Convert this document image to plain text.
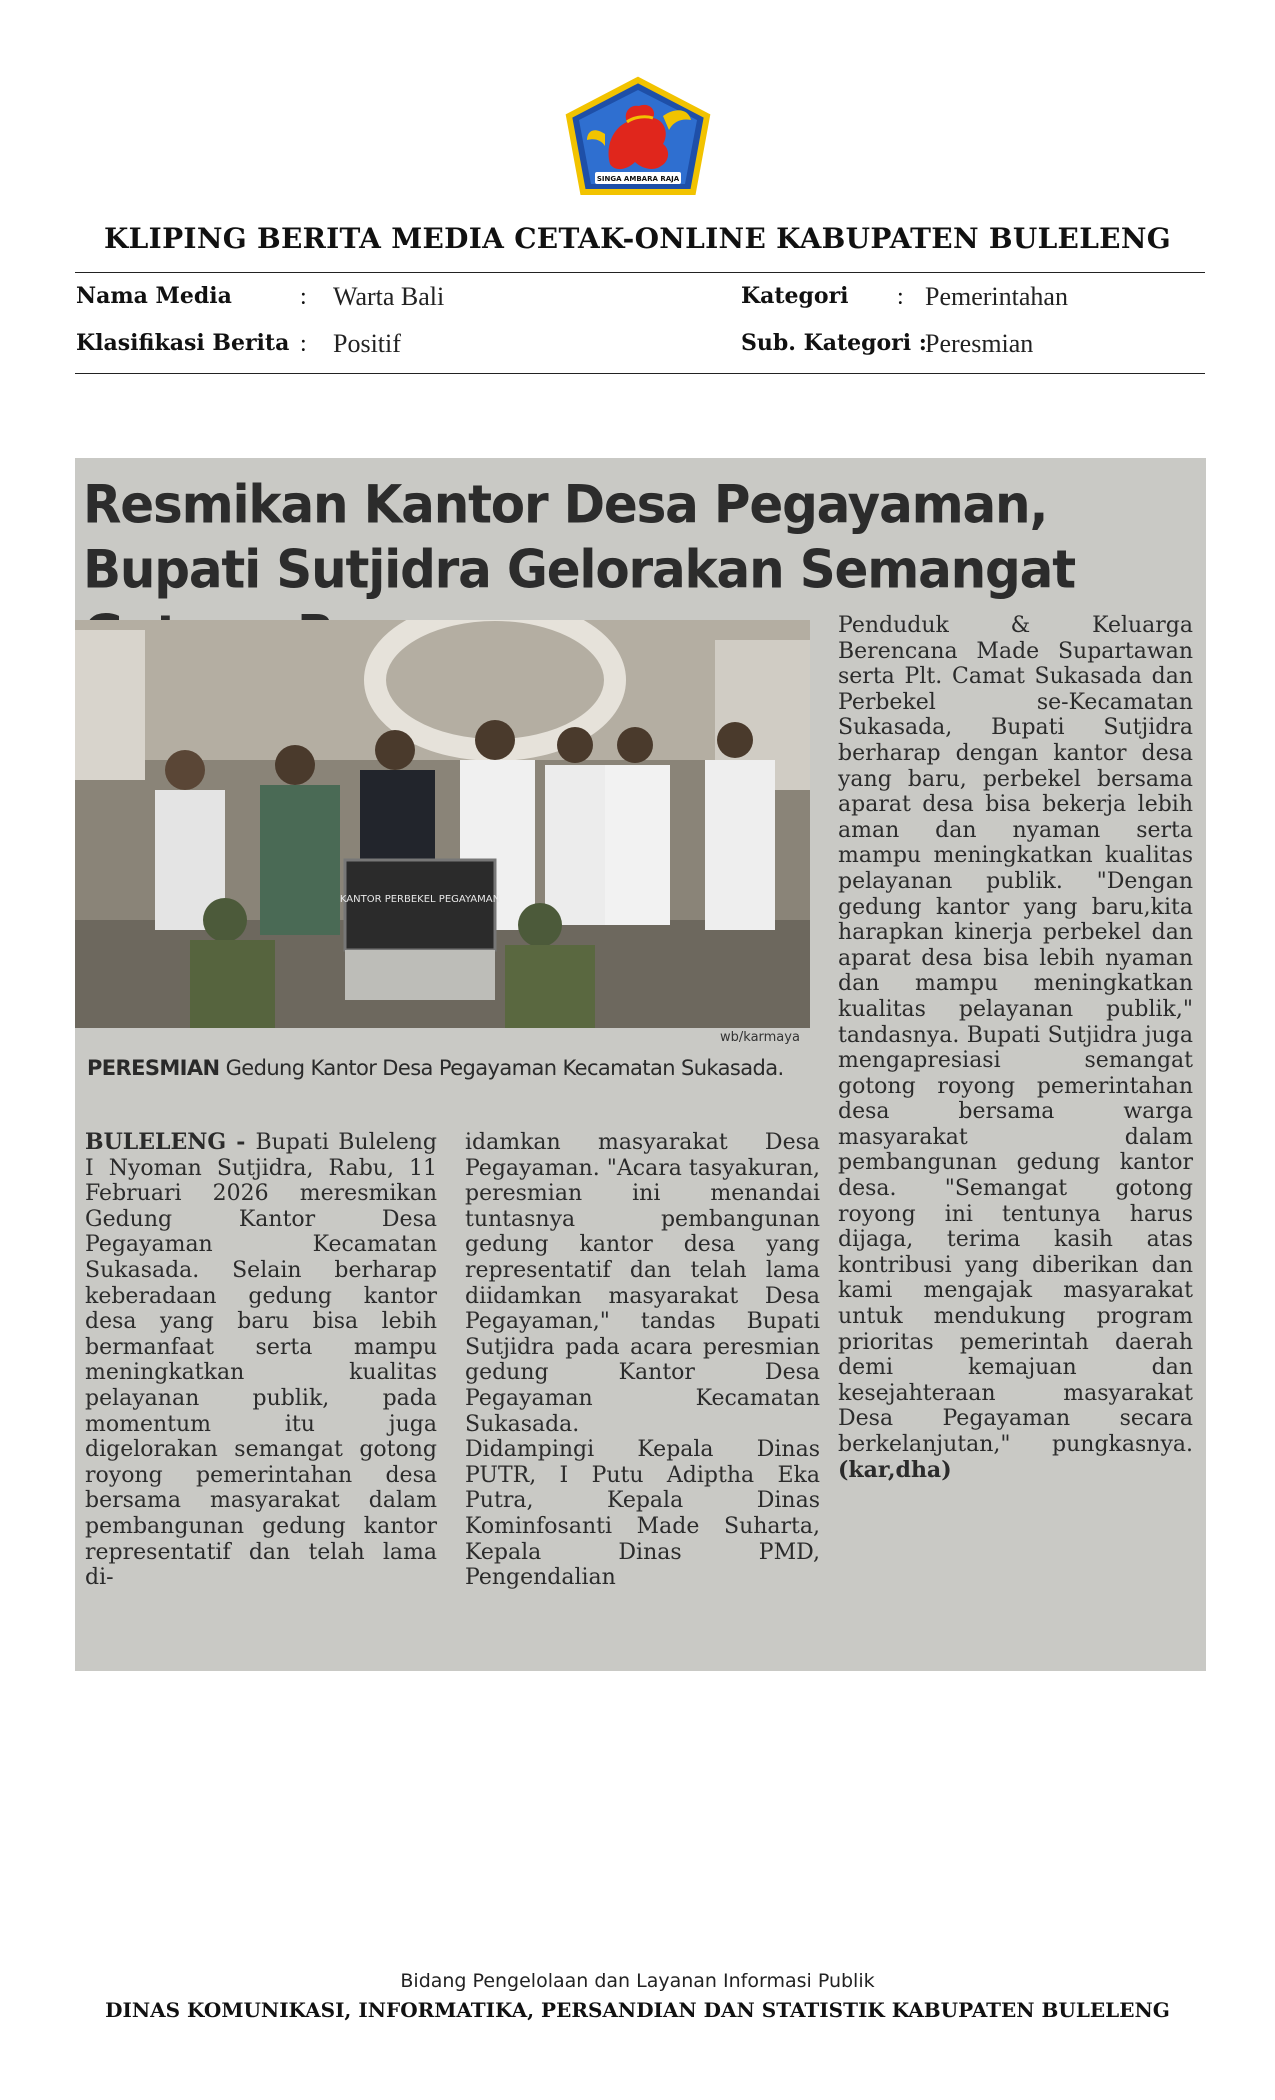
SINGA AMBARA RAJA
KLIPING BERITA MEDIA CETAK-ONLINE KABUPATEN BULELENG
Nama Media	: Warta Bali
Klasifikasi Berita : Positif
Kategori : Pemerintahan
Sub. Kategori :
Peresmian
Resmikan Kantor Desa Pegayaman, Bupati Sutjidra Gelorakan Semangat
KANTOR PERBEKEL PEGAYAMAN
wb/karmaya
PERESMIAN Gedung Kantor Desa Pegayaman Kecamatan Sukasada.
BULELENG - Bupati Buleleng I Nyoman Sutjidra, Rabu, 11 Februari 2026 meresmikan Gedung Kantor Desa Pegayaman Kecamatan Sukasada. Selain berharap keberadaan gedung kantor desa yang baru bisa lebih bermanfaat serta mampu meningkatkan kualitas pelayanan publik, pada momentum itu juga digelorakan semangat gotong royong pemerintahan desa bersama masyarakat dalam pembangunan gedung kantor representatif dan telah lama di-
idamkan masyarakat Desa Pegayaman. "Acara tasyakuran, peresmian ini menandai tuntasnya pembangunan gedung kantor desa yang representatif dan telah lama diidamkan masyarakat Desa Pegayaman," tandas Bupati Sutjidra pada acara peresmian gedung Kantor Desa Pegayaman Kecamatan Sukasada.
Didampingi Kepala Dinas PUTR, I Putu Adiptha Eka Putra, Kepala Dinas Kominfosanti Made Suharta, Kepala Dinas PMD, Pengendalian
Penduduk & Keluarga Berencana Made Supartawan serta Plt. Camat Sukasada dan Perbekel se-Kecamatan Sukasada, Bupati Sutjidra berharap dengan kantor desa yang baru, perbekel bersama aparat desa bisa bekerja lebih aman dan nyaman serta mampu meningkatkan kualitas pelayanan publik. "Dengan gedung kantor yang baru,kita harapkan kinerja perbekel dan aparat desa bisa lebih nyaman dan mampu meningkatkan kualitas pelayanan publik," tandasnya. Bupati Sutjidra juga mengapresiasi semangat gotong royong pemerintahan desa bersama warga masyarakat dalam pembangunan gedung kantor desa. "Semangat gotong royong ini tentunya harus dijaga, terima kasih atas kontribusi yang diberikan dan kami mengajak masyarakat untuk mendukung program prioritas pemerintah daerah demi kemajuan dan kesejahteraan masyarakat Desa Pegayaman secara berkelanjutan," pungkasnya. (kar,dha)
Bidang Pengelolaan dan Layanan Informasi Publik
DINAS KOMUNIKASI, INFORMATIKA, PERSANDIAN DAN STATISTIK KABUPATEN BULELENG
